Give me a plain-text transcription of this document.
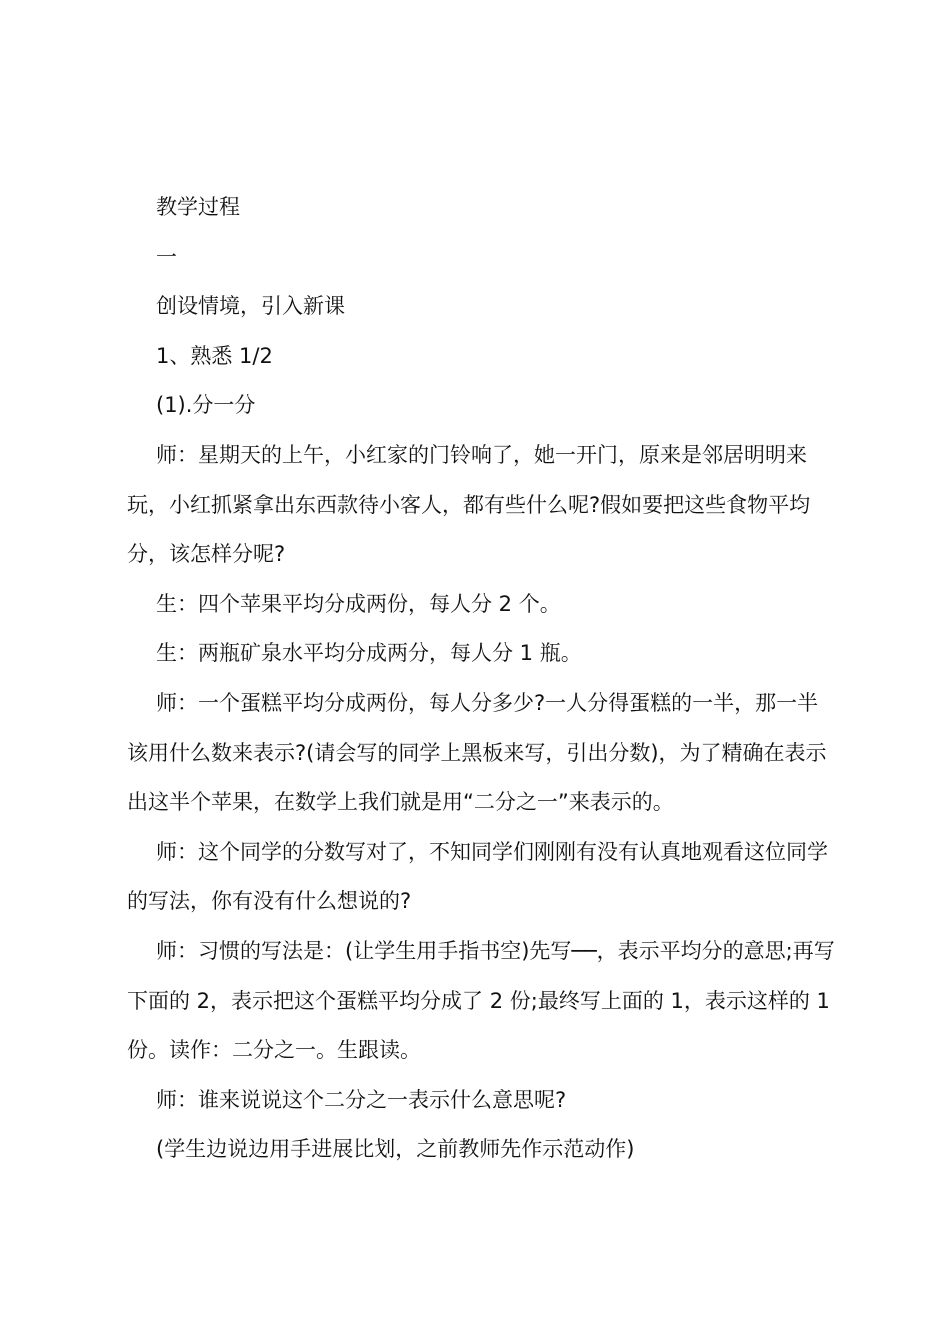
教学过程

一

创设情境，引入新课

1、熟悉 1/2

(1).分一分

师：星期天的上午，小红家的门铃响了，她一开门，原来是邻居明明来玩，小红抓紧拿出东西款待小客人，都有些什么呢?假如要把这些食物平均分，该怎样分呢?

生：四个苹果平均分成两份，每人分 2 个。

生：两瓶矿泉水平均分成两分，每人分 1 瓶。

师：一个蛋糕平均分成两份，每人分多少?一人分得蛋糕的一半，那一半该用什么数来表示?(请会写的同学上黑板来写，引出分数)，为了精确在表示出这半个苹果，在数学上我们就是用“二分之一”来表示的。

师：这个同学的分数写对了，不知同学们刚刚有没有认真地观看这位同学的写法，你有没有什么想说的?

师：习惯的写法是：(让学生用手指书空)先写──，表示平均分的意思;再写下面的 2，表示把这个蛋糕平均分成了 2 份;最终写上面的 1，表示这样的 1 份。读作：二分之一。生跟读。

师：谁来说说这个二分之一表示什么意思呢?

(学生边说边用手进展比划，之前教师先作示范动作)
